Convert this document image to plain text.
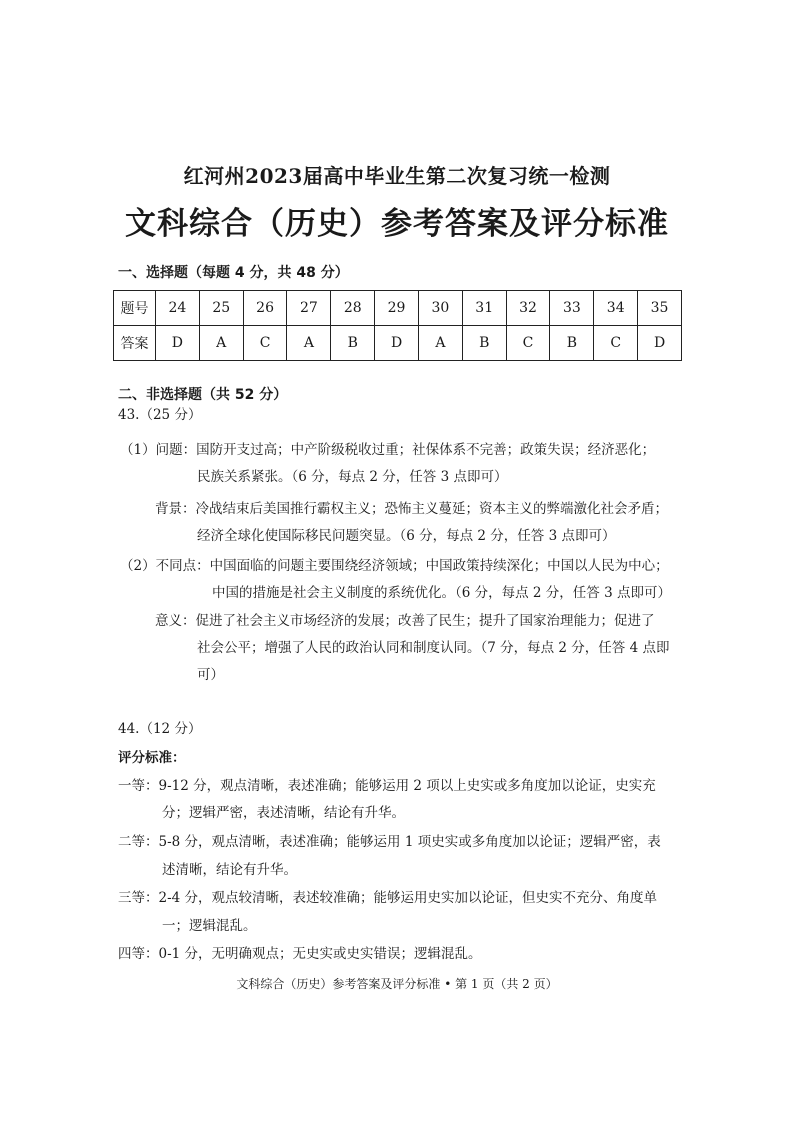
红河州2023届高中毕业生第二次复习统一检测
文科综合（历史）参考答案及评分标准
一、选择题（每题 4 分，共 48 分）
题号	24	25	26	27	28	29	30	31	32	33	34	35
答案	D	A	C	A	B	D	A	B	C	B	C	D
二、非选择题（共 52 分）
43.（25 分）
（1）问题：国防开支过高；中产阶级税收过重；社保体系不完善；政策失误；经济恶化；
民族关系紧张。（6 分，每点 2 分，任答 3 点即可）
背景：冷战结束后美国推行霸权主义；恐怖主义蔓延；资本主义的弊端激化社会矛盾；
经济全球化使国际移民问题突显。（6 分，每点 2 分，任答 3 点即可）
（2）不同点：中国面临的问题主要围绕经济领域；中国政策持续深化；中国以人民为中心；
中国的措施是社会主义制度的系统优化。（6 分，每点 2 分，任答 3 点即可）
意义：促进了社会主义市场经济的发展；改善了民生；提升了国家治理能力；促进了
社会公平；增强了人民的政治认同和制度认同。（7 分，每点 2 分，任答 4 点即
可）
44.（12 分）
评分标准：
一等：9-12 分，观点清晰，表述准确；能够运用 2 项以上史实或多角度加以论证，史实充
分；逻辑严密，表述清晰，结论有升华。
二等：5-8 分，观点清晰，表述准确；能够运用 1 项史实或多角度加以论证；逻辑严密，表
述清晰，结论有升华。
三等：2-4 分，观点较清晰，表述较准确；能够运用史实加以论证，但史实不充分、角度单
一；逻辑混乱。
四等：0-1 分，无明确观点；无史实或史实错误；逻辑混乱。
文科综合（历史）参考答案及评分标准 • 第 1 页（共 2 页）
